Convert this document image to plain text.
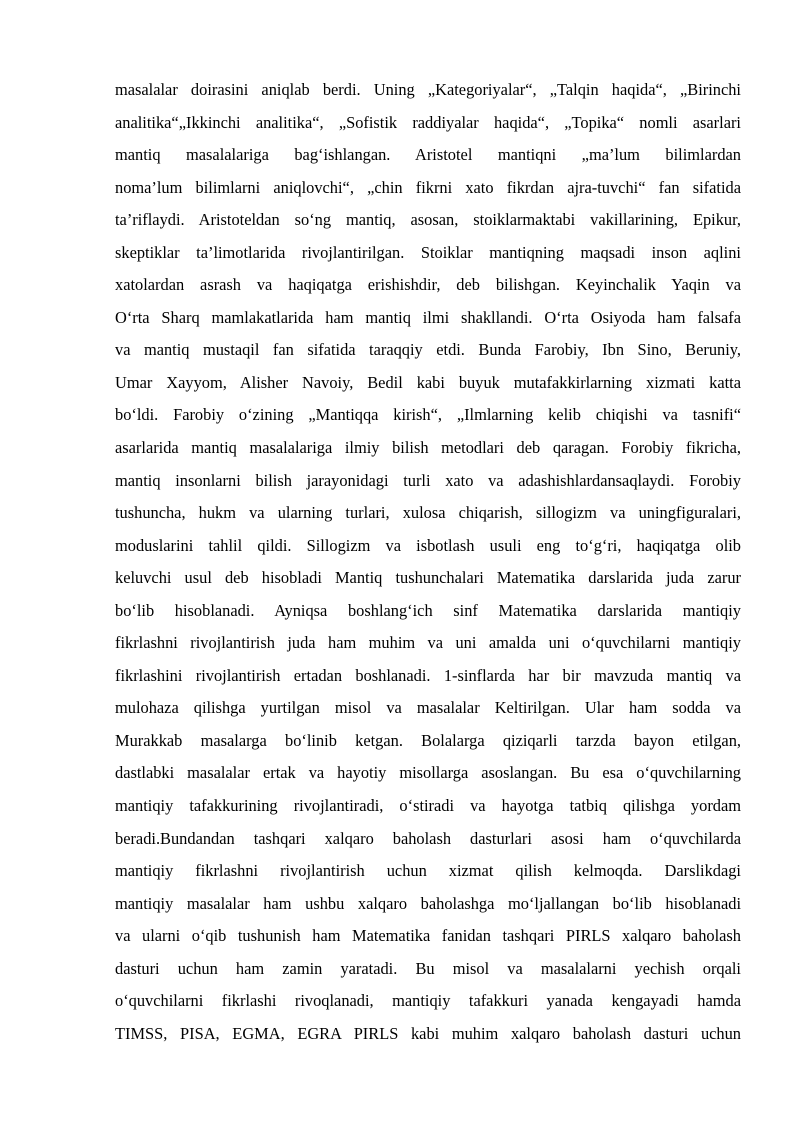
masalalar doirasini aniqlab berdi. Uning „Kategoriyalar“, „Talqin haqida“, „Birinchi
analitika“„Ikkinchi analitika“, „Sofistik raddiyalar haqida“, „Topika“ nomli asarlari
mantiq masalalariga bag‘ishlangan. Aristotel mantiqni „ma’lum bilimlardan
noma’lum bilimlarni aniqlovchi“, „chin fikrni xato fikrdan ajra-tuvchi“ fan sifatida
ta’riflaydi. Aristoteldan so‘ng mantiq, asosan, stoiklarmaktabi vakillarining, Epikur,
skeptiklar ta’limotlarida rivojlantirilgan. Stoiklar mantiqning maqsadi inson aqlini
xatolardan asrash va haqiqatga erishishdir, deb bilishgan. Keyinchalik Yaqin va
O‘rta Sharq mamlakatlarida ham mantiq ilmi shakllandi. O‘rta Osiyoda ham falsafa
va mantiq mustaqil fan sifatida taraqqiy etdi. Bunda Farobiy, Ibn Sino, Beruniy,
Umar Xayyom, Alisher Navoiy, Bedil kabi buyuk mutafakkirlarning xizmati katta
bo‘ldi. Farobiy o‘zining „Mantiqqa kirish“, „Ilmlarning kelib chiqishi va tasnifi“
asarlarida mantiq masalalariga ilmiy bilish metodlari deb qaragan. Forobiy fikricha,
mantiq insonlarni bilish jarayonidagi turli xato va adashishlardansaqlaydi. Forobiy
tushuncha, hukm va ularning turlari, xulosa chiqarish, sillogizm va uningfiguralari,
moduslarini tahlil qildi. Sillogizm va isbotlash usuli eng to‘g‘ri, haqiqatga olib
keluvchi usul deb hisobladi Mantiq tushunchalari Matematika darslarida juda zarur
bo‘lib hisoblanadi. Ayniqsa boshlang‘ich sinf Matematika darslarida mantiqiy
fikrlashni rivojlantirish juda ham muhim va uni amalda uni o‘quvchilarni mantiqiy
fikrlashini rivojlantirish ertadan boshlanadi. 1-sinflarda har bir mavzuda mantiq va
mulohaza qilishga yurtilgan misol va masalalar Keltirilgan. Ular ham sodda va
Murakkab masalarga bo‘linib ketgan. Bolalarga qiziqarli tarzda bayon etilgan,
dastlabki masalalar ertak va hayotiy misollarga asoslangan. Bu esa o‘quvchilarning
mantiqiy tafakkurining rivojlantiradi, o‘stiradi va hayotga tatbiq qilishga yordam
beradi.Bundandan tashqari xalqaro baholash dasturlari asosi ham o‘quvchilarda
mantiqiy fikrlashni rivojlantirish uchun xizmat qilish kelmoqda. Darslikdagi
mantiqiy masalalar ham ushbu xalqaro baholashga mo‘ljallangan bo‘lib hisoblanadi
va ularni o‘qib tushunish ham Matematika fanidan tashqari PIRLS xalqaro baholash
dasturi uchun ham zamin yaratadi. Bu misol va masalalarni yechish orqali
o‘quvchilarni fikrlashi rivoqlanadi, mantiqiy tafakkuri yanada kengayadi hamda
TIMSS, PISA, EGMA, EGRA PIRLS kabi muhim xalqaro baholash dasturi uchun
